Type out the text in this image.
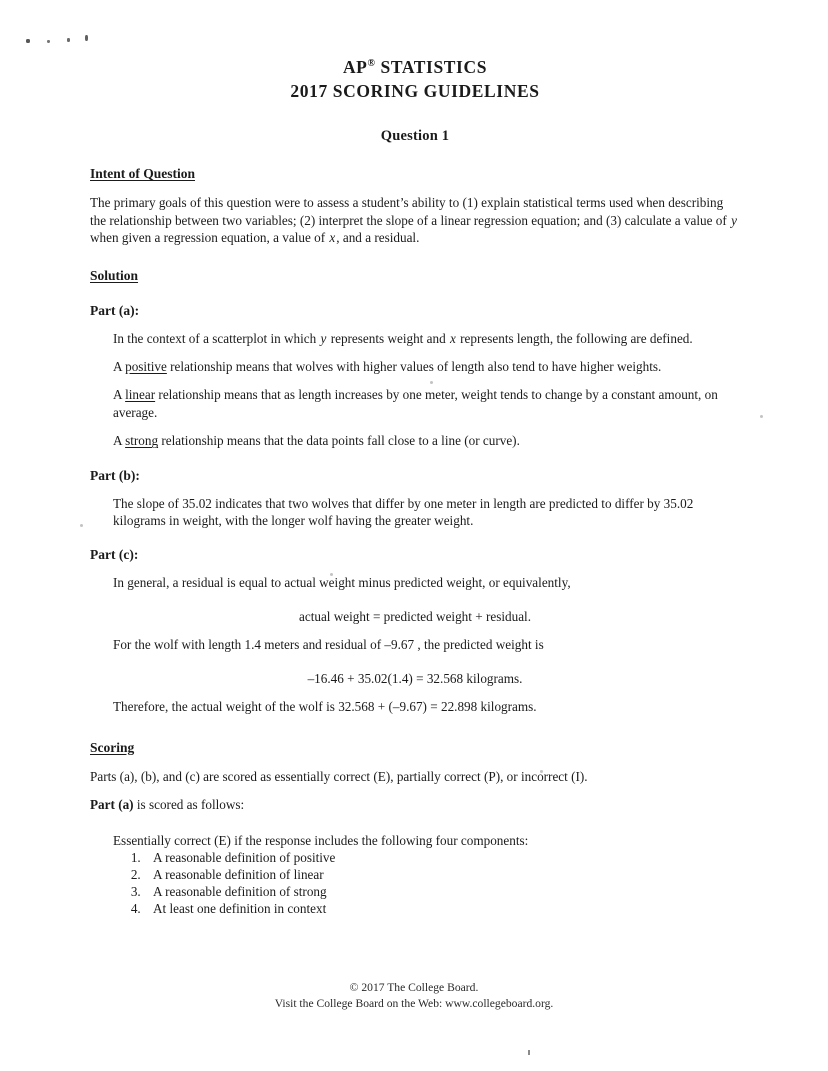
AP® STATISTICS
2017 SCORING GUIDELINES
Question 1
Intent of Question

The primary goals of this question were to assess a student’s ability to (1) explain statistical terms used when describing the relationship between two variables; (2) interpret the slope of a linear regression equation; and (3) calculate a value of y when given a regression equation, a value of x, and a residual.

Solution
Part (a):

In the context of a scatterplot in which y represents weight and x represents length, the following are defined.

A positive relationship means that wolves with higher values of length also tend to have higher weights.

A linear relationship means that as length increases by one meter, weight tends to change by a constant amount, on average.

A strong relationship means that the data points fall close to a line (or curve).

Part (b):

The slope of 35.02 indicates that two wolves that differ by one meter in length are predicted to differ by 35.02 kilograms in weight, with the longer wolf having the greater weight.

Part (c):

In general, a residual is equal to actual weight minus predicted weight, or equivalently,

actual weight = predicted weight + residual.

For the wolf with length 1.4 meters and residual of –9.67 , the predicted weight is

–16.46 + 35.02(1.4) = 32.568 kilograms.

Therefore, the actual weight of the wolf is 32.568 + (–9.67) = 22.898 kilograms.

Scoring

Parts (a), (b), and (c) are scored as essentially correct (E), partially correct (P), or incorrect (I).

Part (a) is scored as follows:

Essentially correct (E) if the response includes the following four components:

1. A reasonable definition of positive
2. A reasonable definition of linear
3. A reasonable definition of strong
4. At least one definition in context
© 2017 The College Board.
Visit the College Board on the Web: www.collegeboard.org.
